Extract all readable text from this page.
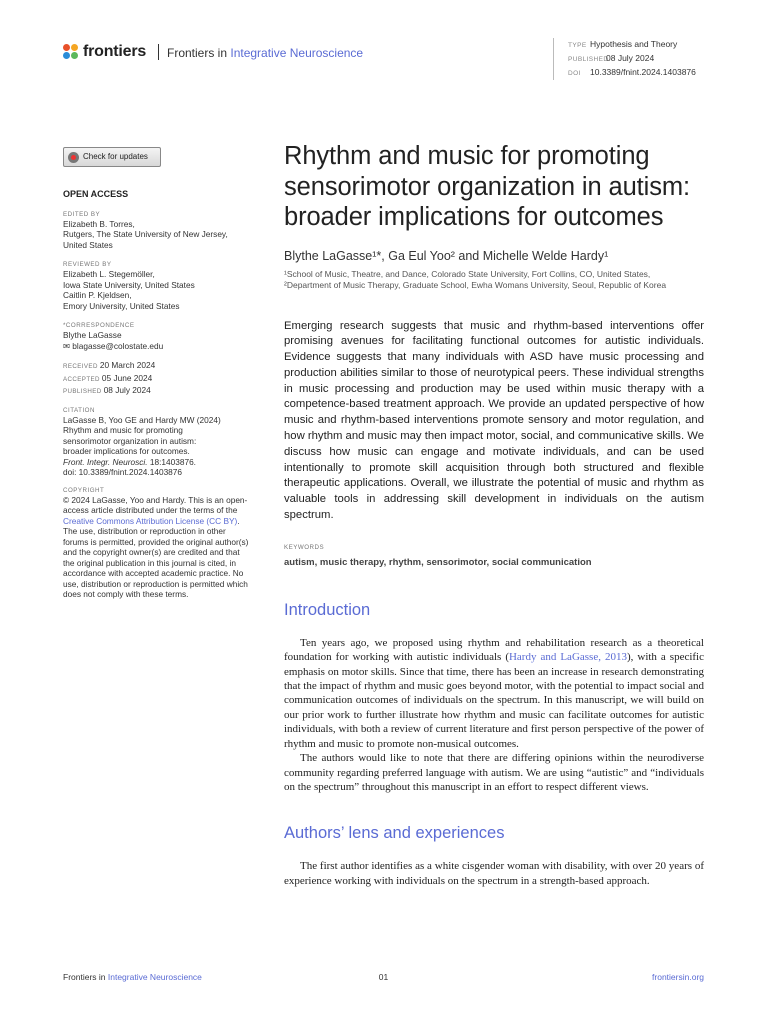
frontiers Frontiers in Integrative Neuroscience
TYPE Hypothesis and Theory
PUBLISHED08 July 2024
DOI 10.3389/fnint.2024.1403876
Check for updates
OPEN ACCESS
EDITED BY
Elizabeth B. Torres,
Rutgers, The State University of New Jersey,
United States
REVIEWED BY
Elizabeth L. Stegemöller,
Iowa State University, United States
Caitlin P. Kjeldsen,
Emory University, United States
*CORRESPONDENCE
Blythe LaGasse
✉ blagasse@colostate.edu
RECEIVED 20 March 2024
ACCEPTED 05 June 2024
PUBLISHED 08 July 2024
CITATION
LaGasse B, Yoo GE and Hardy MW (2024)
Rhythm and music for promoting
sensorimotor organization in autism:
broader implications for outcomes.
Front. Integr. Neurosci. 18:1403876.
doi: 10.3389/fnint.2024.1403876
COPYRIGHT
© 2024 LaGasse, Yoo and Hardy. This is an open-access article distributed under the terms of the Creative Commons Attribution License (CC BY). The use, distribution or reproduction in other forums is permitted, provided the original author(s) and the copyright owner(s) are credited and that the original publication in this journal is cited, in accordance with accepted academic practice. No use, distribution or reproduction is permitted which does not comply with these terms.
Rhythm and music for promoting sensorimotor organization in autism: broader implications for outcomes
Blythe LaGasse¹*, Ga Eul Yoo² and Michelle Welde Hardy¹
¹School of Music, Theatre, and Dance, Colorado State University, Fort Collins, CO, United States,
²Department of Music Therapy, Graduate School, Ewha Womans University, Seoul, Republic of Korea
Emerging research suggests that music and rhythm-based interventions offer promising avenues for facilitating functional outcomes for autistic individuals. Evidence suggests that many individuals with ASD have music processing and production abilities similar to those of neurotypical peers. These individual strengths in music processing and production may be used within music therapy with a competence-based treatment approach. We provide an updated perspective of how music and rhythm-based interventions promote sensory and motor regulation, and how rhythm and music may then impact motor, social, and communicative skills. We discuss how music can engage and motivate individuals, and can be used intentionally to promote skill acquisition through both structured and flexible therapeutic applications. Overall, we illustrate the potential of music and rhythm as valuable tools in addressing skill development in individuals on the autism spectrum.
KEYWORDS
autism, music therapy, rhythm, sensorimotor, social communication
Introduction

Ten years ago, we proposed using rhythm and rehabilitation research as a theoretical foundation for working with autistic individuals (Hardy and LaGasse, 2013), with a specific emphasis on motor skills. Since that time, there has been an increase in research demonstrating that the impact of rhythm and music goes beyond motor, with the potential to impact social and communication outcomes of individuals on the spectrum. In this manuscript, we will build on our prior work to further illustrate how rhythm and music can facilitate outcomes for autistic individuals, with both a review of current literature and first person perspective of the power of rhythm and music to promote non-musical outcomes.

The authors would like to note that there are differing opinions within the neurodiverse community regarding preferred language with autism. We are using “autistic” and “individuals on the spectrum” throughout this manuscript in an effort to respect different views.

Authors’ lens and experiences

The first author identifies as a white cisgender woman with disability, with over 20 years of experience working with individuals on the spectrum in a strength-based approach.

Frontiers in Integrative Neuroscience	01	frontiersin.org
